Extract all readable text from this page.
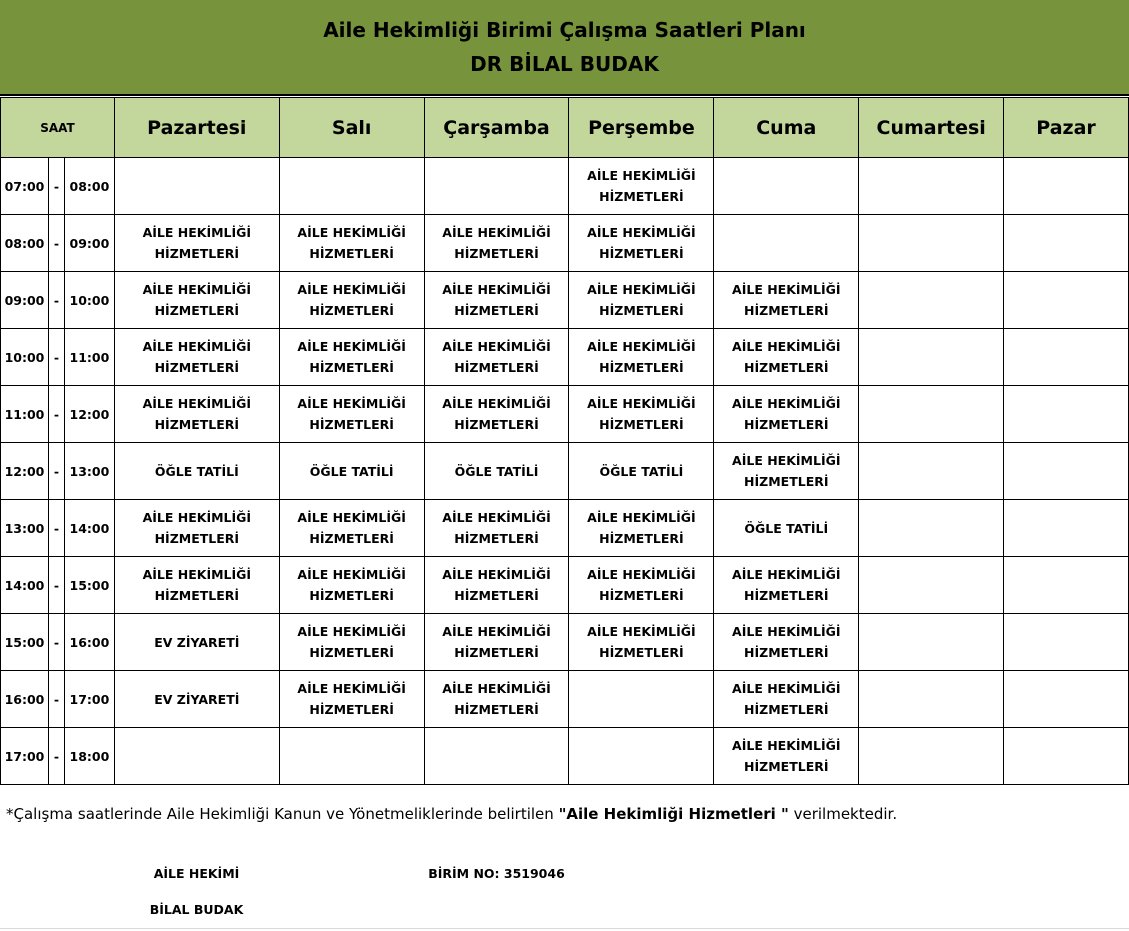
Aile Hekimliği Birimi Çalışma Saatleri Planı
DR BİLAL BUDAK
SAAT			Pazartesi	Salı	Çarşamba	Perşembe	Cuma	Cumartesi	Pazar
07:00	-	08:00				AİLE HEKİMLİĞİ HİZMETLERİ			
08:00	-	09:00	AİLE HEKİMLİĞİ HİZMETLERİ	AİLE HEKİMLİĞİ HİZMETLERİ	AİLE HEKİMLİĞİ HİZMETLERİ	AİLE HEKİMLİĞİ HİZMETLERİ			
09:00	-	10:00	AİLE HEKİMLİĞİ HİZMETLERİ	AİLE HEKİMLİĞİ HİZMETLERİ	AİLE HEKİMLİĞİ HİZMETLERİ	AİLE HEKİMLİĞİ HİZMETLERİ	AİLE HEKİMLİĞİ HİZMETLERİ		
10:00	-	11:00	AİLE HEKİMLİĞİ HİZMETLERİ	AİLE HEKİMLİĞİ HİZMETLERİ	AİLE HEKİMLİĞİ HİZMETLERİ	AİLE HEKİMLİĞİ HİZMETLERİ	AİLE HEKİMLİĞİ HİZMETLERİ		
11:00	-	12:00	AİLE HEKİMLİĞİ HİZMETLERİ	AİLE HEKİMLİĞİ HİZMETLERİ	AİLE HEKİMLİĞİ HİZMETLERİ	AİLE HEKİMLİĞİ HİZMETLERİ	AİLE HEKİMLİĞİ HİZMETLERİ		
12:00	-	13:00	ÖĞLE TATİLİ	ÖĞLE TATİLİ	ÖĞLE TATİLİ	ÖĞLE TATİLİ	AİLE HEKİMLİĞİ HİZMETLERİ		
13:00	-	14:00	AİLE HEKİMLİĞİ HİZMETLERİ	AİLE HEKİMLİĞİ HİZMETLERİ	AİLE HEKİMLİĞİ HİZMETLERİ	AİLE HEKİMLİĞİ HİZMETLERİ	ÖĞLE TATİLİ		
14:00	-	15:00	AİLE HEKİMLİĞİ HİZMETLERİ	AİLE HEKİMLİĞİ HİZMETLERİ	AİLE HEKİMLİĞİ HİZMETLERİ	AİLE HEKİMLİĞİ HİZMETLERİ	AİLE HEKİMLİĞİ HİZMETLERİ		
15:00	-	16:00	EV ZİYARETİ	AİLE HEKİMLİĞİ HİZMETLERİ	AİLE HEKİMLİĞİ HİZMETLERİ	AİLE HEKİMLİĞİ HİZMETLERİ	AİLE HEKİMLİĞİ HİZMETLERİ		
16:00	-	17:00	EV ZİYARETİ	AİLE HEKİMLİĞİ HİZMETLERİ	AİLE HEKİMLİĞİ HİZMETLERİ		AİLE HEKİMLİĞİ HİZMETLERİ		
17:00	-	18:00					AİLE HEKİMLİĞİ HİZMETLERİ		
*Çalışma saatlerinde Aile Hekimliği Kanun ve Yönetmeliklerinde belirtilen "Aile Hekimliği Hizmetleri " verilmektedir.
AİLE HEKİMİ
BİLAL BUDAK
BİRİM NO: 3519046
